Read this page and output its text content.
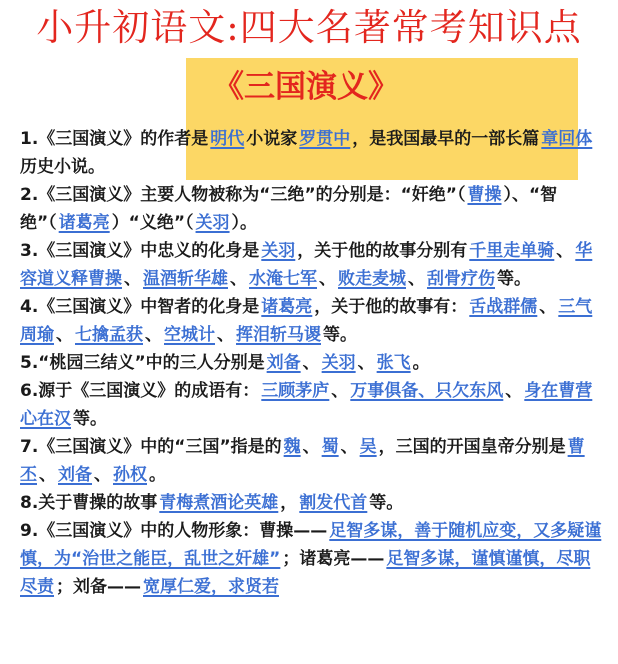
小升初语文:四大名著常考知识点
《三国演义》

1.《三国演义》的作者是 明代 小说家 罗贯中 ，是我国最早的一部长篇 章回体历史小说。

2.《三国演义》主要人物被称为“三绝”的分别是：“奸绝”（ 曹操 ）、“智绝”（ 诸葛亮 ）“义绝”（ 关羽 ）。

3.《三国演义》中忠义的化身是 关羽 ，关于他的故事分别有 千里走单骑 、 华容道义释曹操 、 温酒斩华雄 、 水淹七军 、 败走麦城 、 刮骨疗伤 等。

4.《三国演义》中智者的化身是 诸葛亮 ，关于他的故事有： 舌战群儒 、 三气周瑜 、 七擒孟获 、 空城计 、 挥泪斩马谡 等。

5.“桃园三结义”中的三人分别是 刘备 、 关羽 、 张飞 。

6.源于《三国演义》的成语有： 三顾茅庐 、 万事俱备、只欠东风 、 身在曹营心在汉 等。

7.《三国演义》中的“三国”指是的 魏 、 蜀 、 吴 ，三国的开国皇帝分别是 曹丕 、 刘备 、 孙权 。

8.关于曹操的故事 青梅煮酒论英雄 ， 割发代首 等。

9.《三国演义》中的人物形象：曹操—— 足智多谋，善于随机应变，又多疑谨慎，为“治世之能臣，乱世之奸雄” ；诸葛亮—— 足智多谋，谨慎谨慎，尽职尽责 ；刘备—— 宽厚仁爱，求贤若
